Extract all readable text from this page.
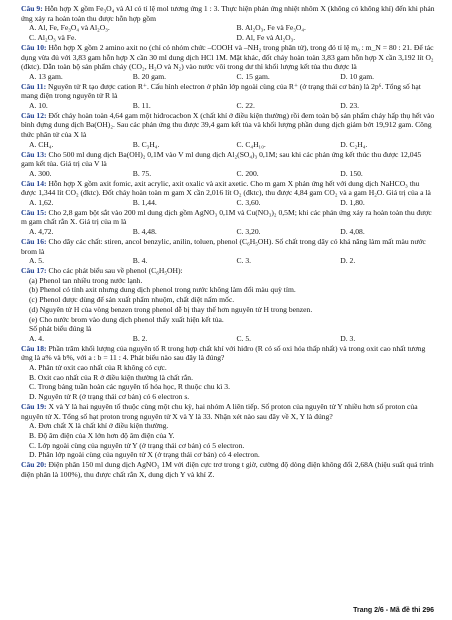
Câu 9: Hỗn hợp X gồm Fe₃O₄ và Al có tỉ lệ mol tương ứng 1 : 3. Thực hiện phản ứng nhiệt nhôm X (không có không khí) đến khi phản ứng xảy ra hoàn toàn thu được hỗn hợp gồm

A. Al, Fe, Fe₃O₄ và Al₂O₃.	B. Al₂O₃, Fe và Fe₃O₄.
C. Al₂O₃ và Fe.	D. Al, Fe và Al₂O₃.

Câu 10: Hỗn hợp X gồm 2 amino axit no (chỉ có nhóm chức –COOH và –NH₂ trong phân tử), trong đó tỉ lệ m₀ : m_N = 80 : 21. Để tác dụng vừa đủ với 3,83 gam hỗn hợp X cần 30 ml dung dịch HCl 1M. Mặt khác, đốt cháy hoàn toàn 3,83 gam hỗn hợp X cần 3,192 lít O₂ (đktc). Dẫn toàn bộ sản phẩm cháy (CO₂, H₂O và N₂) vào nước vôi trong dư thì khối lượng kết tủa thu được là

A. 13 gam.	B. 20 gam.	C. 15 gam.	D. 10 gam.

Câu 11: Nguyên tử R tạo được cation R⁺. Cấu hình electron ở phân lớp ngoài cùng của R⁺ (ở trạng thái cơ bản) là 2p⁶. Tổng số hạt mang điện trong nguyên tử R là

A. 10.	B. 11.	C. 22.	D. 23.

Câu 12: Đốt cháy hoàn toàn 4,64 gam một hiđrocacbon X (chất khí ở điều kiện thường) rồi đem toàn bộ sản phẩm cháy hấp thụ hết vào bình đựng dung dịch Ba(OH)₂. Sau các phản ứng thu được 39,4 gam kết tủa và khối lượng phần dung dịch giảm bớt 19,912 gam. Công thức phân tử của X là

A. CH₄.	B. C₃H₄.	C. C₄H₁₀.	D. C₂H₄.

Câu 13: Cho 500 ml dung dịch Ba(OH)₂ 0,1M vào V ml dung dịch Al₂(SO₄)₃ 0,1M; sau khi các phản ứng kết thúc thu được 12,045 gam kết tủa. Giá trị của V là

A. 300.	B. 75.	C. 200.	D. 150.

Câu 14: Hỗn hợp X gồm axit fomic, axit acrylic, axit oxalic và axit axetic. Cho m gam X phản ứng hết với dung dịch NaHCO₃ thu được 1,344 lít CO₂ (đktc). Đốt cháy hoàn toàn m gam X cần 2,016 lít O₂ (đktc), thu được 4,84 gam CO₂ và a gam H₂O. Giá trị của a là

A. 1,62.	B. 1,44.	C. 3,60.	D. 1,80.

Câu 15: Cho 2,8 gam bột sắt vào 200 ml dung dịch gồm AgNO₃ 0,1M và Cu(NO₃)₂ 0,5M; khi các phản ứng xảy ra hoàn toàn thu được m gam chất rắn X. Giá trị của m là

A. 4,72.	B. 4,48.	C. 3,20.	D. 4,08.

Câu 16: Cho dãy các chất: stiren, ancol benzylic, anilin, toluen, phenol (C₆H₅OH). Số chất trong dãy có khả năng làm mất màu nước brom là

A. 5.	B. 4.	C. 3.	D. 2.

Câu 17: Cho các phát biểu sau về phenol (C₆H₅OH):

(a) Phenol tan nhiều trong nước lạnh.
(b) Phenol có tính axit nhưng dung dịch phenol trong nước không làm đổi màu quỳ tím.
(c) Phenol được dùng để sản xuất phẩm nhuộm, chất diệt nấm mốc.
(d) Nguyên tử H của vòng benzen trong phenol dễ bị thay thế hơn nguyên tử H trong benzen.
(e) Cho nước brom vào dung dịch phenol thấy xuất hiện kết tủa.
Số phát biểu đúng là
A. 4.	B. 2.	C. 5.	D. 3.

Câu 18: Phần trăm khối lượng của nguyên tố R trong hợp chất khí với hiđro (R có số oxi hóa thấp nhất) và trong oxit cao nhất tương ứng là a% và b%, với a : b = 11 : 4. Phát biểu nào sau đây là đúng?

A. Phân tử oxit cao nhất của R không có cực.
B. Oxit cao nhất của R ở điều kiện thường là chất rắn.
C. Trong bảng tuần hoàn các nguyên tố hóa học, R thuộc chu kì 3.
D. Nguyên tử R (ở trạng thái cơ bản) có 6 electron s.

Câu 19: X và Y là hai nguyên tố thuộc cùng một chu kỳ, hai nhóm A liên tiếp. Số proton của nguyên tử Y nhiều hơn số proton của nguyên tử X. Tổng số hạt proton trong nguyên tử X và Y là 33. Nhận xét nào sau đây về X, Y là đúng?

A. Đơn chất X là chất khí ở điều kiện thường.
B. Độ âm điện của X lớn hơn độ âm điện của Y.
C. Lớp ngoài cùng của nguyên tử Y (ở trạng thái cơ bản) có 5 electron.
D. Phân lớp ngoài cùng của nguyên tử X (ở trạng thái cơ bản) có 4 electron.

Câu 20: Điện phân 150 ml dung dịch AgNO₃ 1M với điện cực trơ trong t giờ, cường độ dòng điện không đổi 2,68A (hiệu suất quá trình điện phân là 100%), thu được chất rắn X, dung dịch Y và khí Z.

Trang 2/6 - Mã đề thi 296
